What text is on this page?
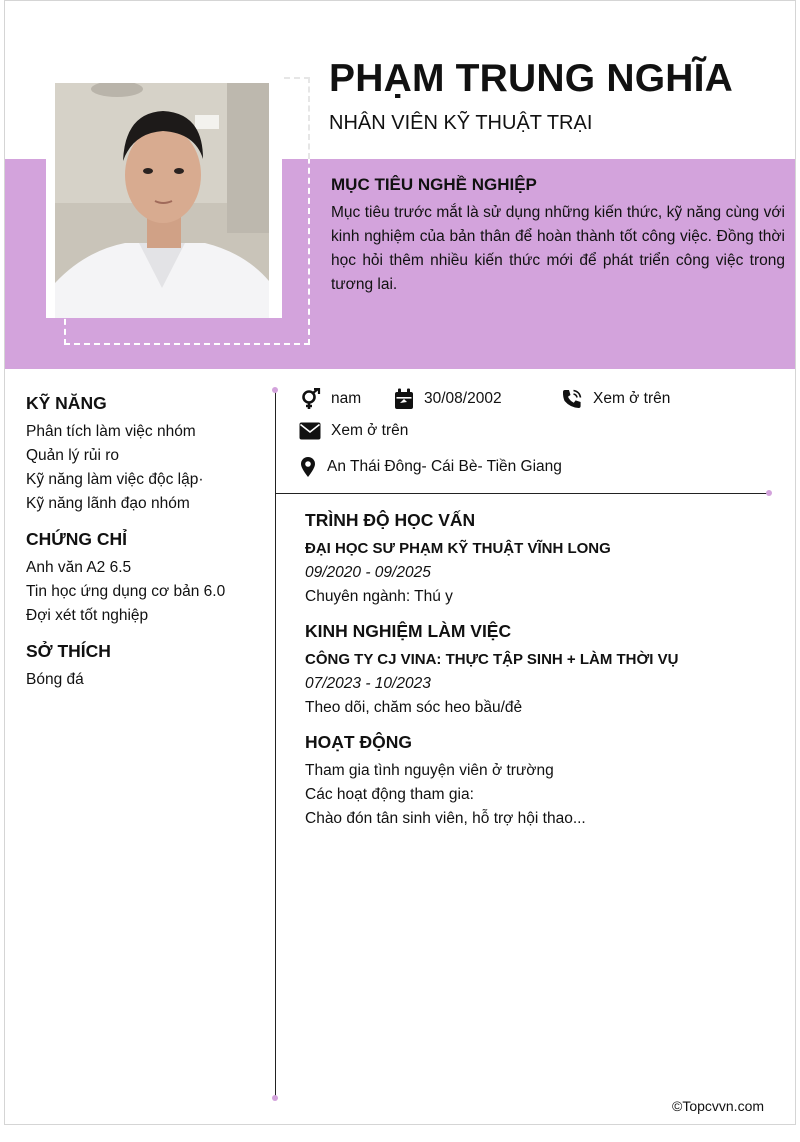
PHẠM TRUNG NGHĨA
NHÂN VIÊN KỸ THUẬT TRẠI
MỤC TIÊU NGHỀ NGHIỆP
Mục tiêu trước mắt là sử dụng những kiến thức, kỹ năng cùng với kinh nghiệm của bản thân để hoàn thành tốt công việc. Đồng thời học hỏi thêm nhiều kiến thức mới để phát triển công việc trong tương lai.
KỸ NĂNG
Phân tích làm việc nhóm
Quản lý rủi ro
Kỹ năng làm việc độc lập·
Kỹ năng lãnh đạo nhóm
CHỨNG CHỈ
Anh văn A2 6.5
Tin học ứng dụng cơ bản 6.0
Đợi xét tốt nghiệp
SỞ THÍCH
Bóng đá
nam	30/08/2002	Xem ở trên
Xem ở trên
An Thái Đông- Cái Bè- Tiền Giang
TRÌNH ĐỘ HỌC VẤN
ĐẠI HỌC SƯ PHẠM KỸ THUẬT VĨNH LONG
09/2020 - 09/2025
Chuyên ngành: Thú y
KINH NGHIỆM LÀM VIỆC
CÔNG TY CJ VINA: THỰC TẬP SINH + LÀM THỜI VỤ
07/2023 - 10/2023
Theo dõi, chăm sóc heo bầu/đẻ
HOẠT ĐỘNG
Tham gia tình nguyện viên ở trường
Các hoạt động tham gia:
Chào đón tân sinh viên, hỗ trợ hội thao...
©Topcvvn.com
